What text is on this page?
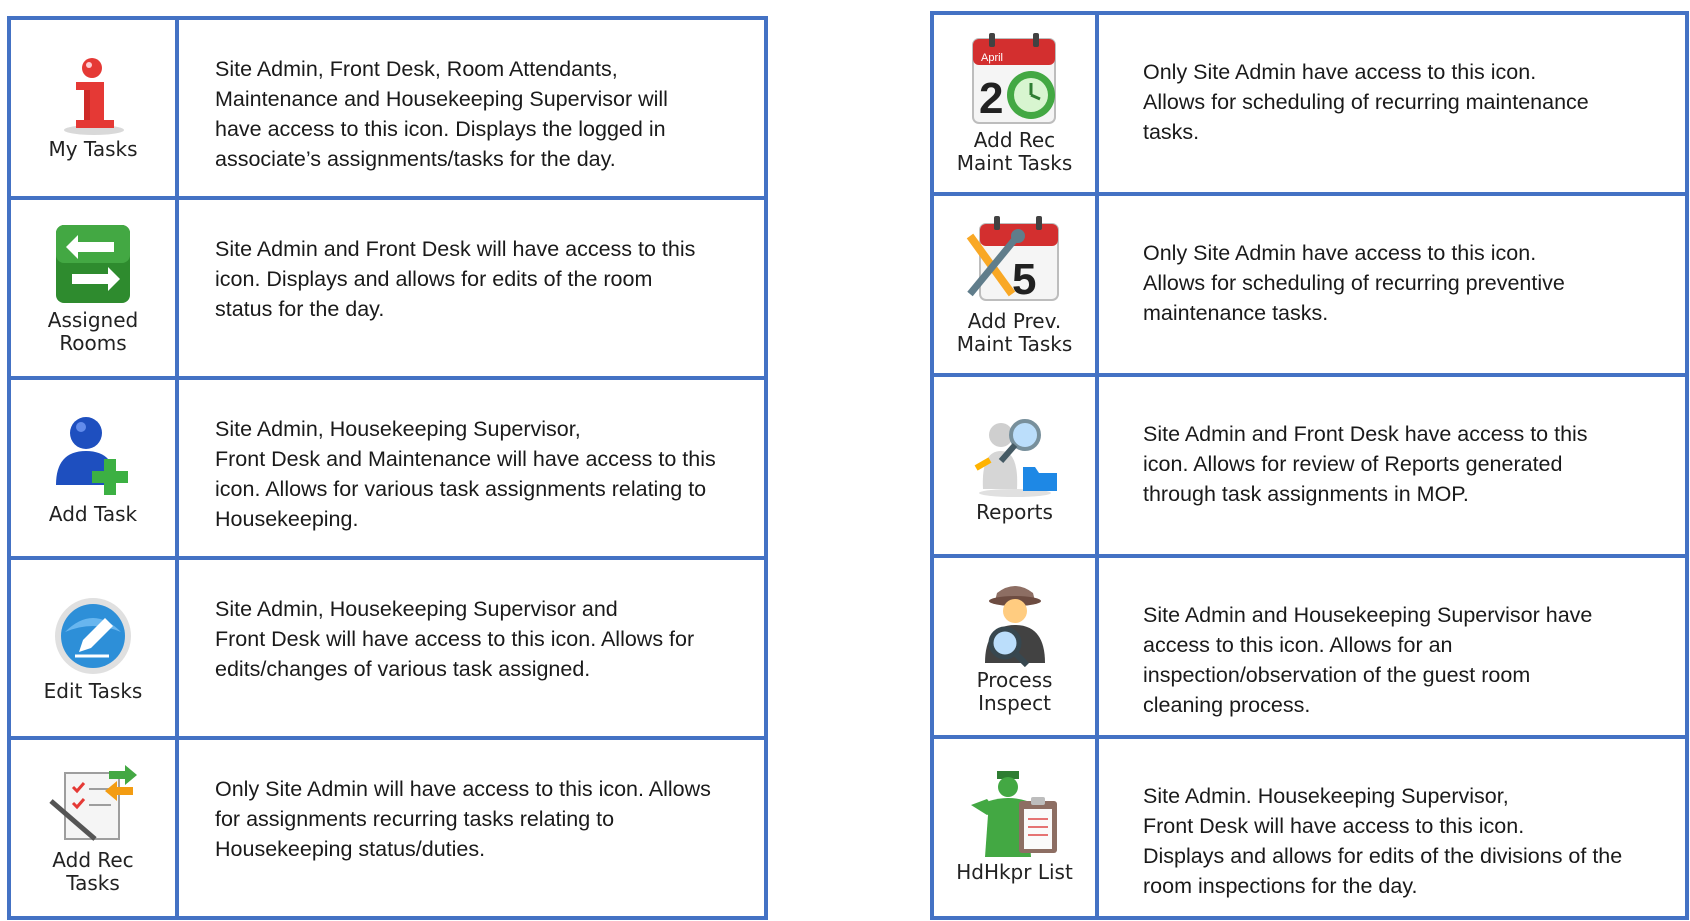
My Tasks	Site Admin, Front Desk, Room Attendants,
Maintenance and Housekeeping Supervisor will
have access to this icon. Displays the logged in
associate’s assignments/tasks for the day.

Assigned Rooms	Site Admin and Front Desk will have access to this
icon. Displays and allows for edits of the room
status for the day.

Add Task	Site Admin, Housekeeping Supervisor,
Front Desk and Maintenance will have access to this
icon. Allows for various task assignments relating to
Housekeeping.

Edit Tasks	Site Admin, Housekeeping Supervisor and
Front Desk will have access to this icon. Allows for
edits/changes of various task assigned.

Add Rec
Tasks	Only Site Admin will have access to this icon. Allows
for assignments recurring tasks relating to
Housekeeping status/duties.
April
2
Add Rec
Maint Tasks	Only Site Admin have access to this icon.
Allows for scheduling of recurring maintenance
tasks.

5
Add Prev.
Maint Tasks	Only Site Admin have access to this icon.
Allows for scheduling of recurring preventive
maintenance tasks.

Reports	Site Admin and Front Desk have access to this
icon. Allows for review of Reports generated
through task assignments in MOP.

Process
Inspect	Site Admin and Housekeeping Supervisor have
access to this icon. Allows for an
inspection/observation of the guest room
cleaning process.

HdHkpr List	Site Admin. Housekeeping Supervisor,
Front Desk will have access to this icon.
Displays and allows for edits of the divisions of the
room inspections for the day.
